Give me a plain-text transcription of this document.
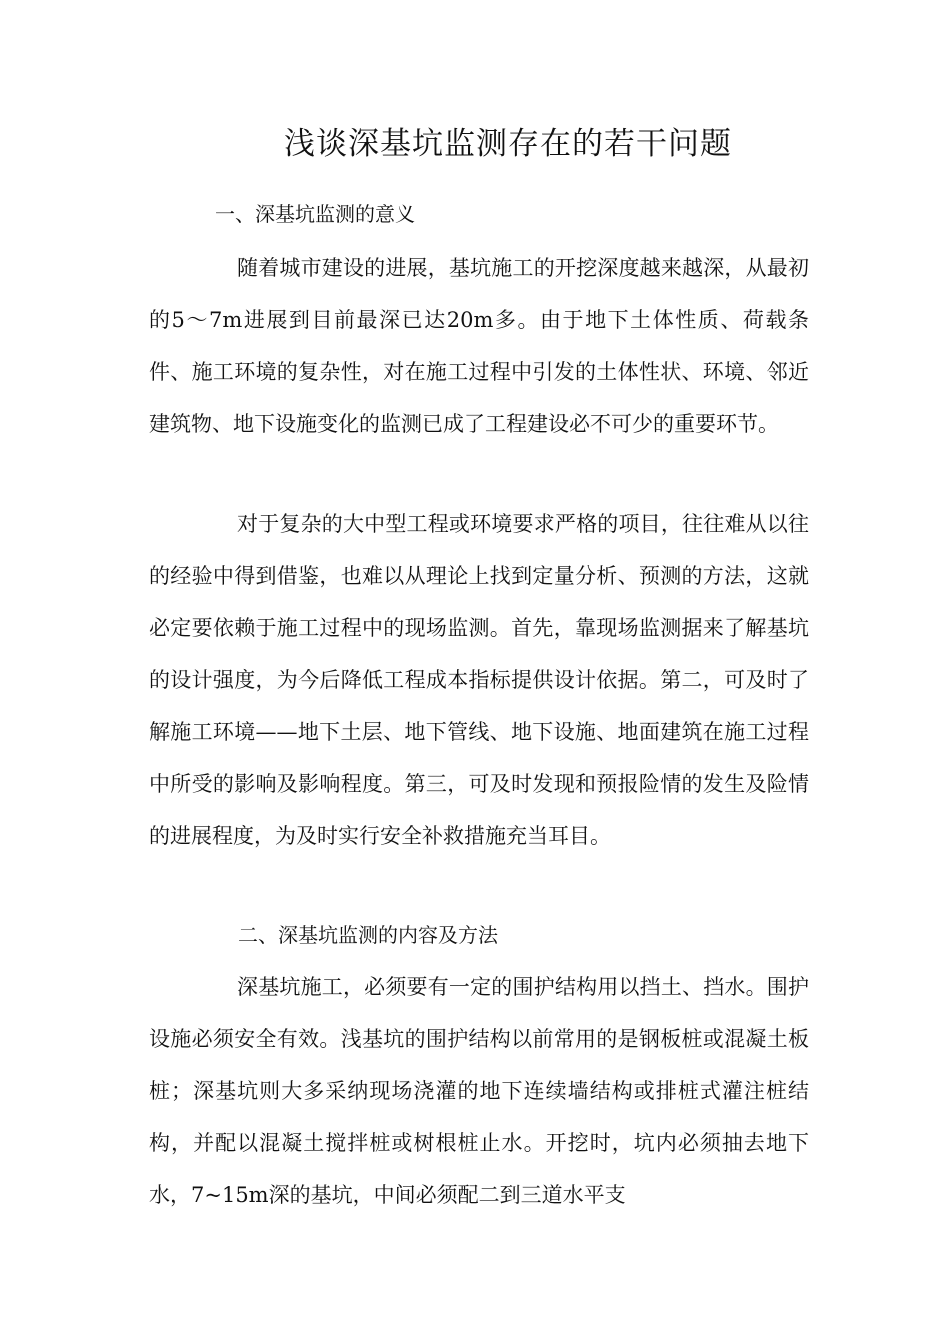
浅谈深基坑监测存在的若干问题
一、深基坑监测的意义

随着城市建设的进展，基坑施工的开挖深度越来越深，从最初的5～7m进展到目前最深已达20m多。由于地下土体性质、荷载条件、施工环境的复杂性，对在施工过程中引发的土体性状、环境、邻近建筑物、地下设施变化的监测已成了工程建设必不可少的重要环节。

对于复杂的大中型工程或环境要求严格的项目，往往难从以往的经验中得到借鉴，也难以从理论上找到定量分析、预测的方法，这就必定要依赖于施工过程中的现场监测。首先，靠现场监测据来了解基坑的设计强度，为今后降低工程成本指标提供设计依据。第二，可及时了解施工环境——地下土层、地下管线、地下设施、地面建筑在施工过程中所受的影响及影响程度。第三，可及时发现和预报险情的发生及险情的进展程度，为及时实行安全补救措施充当耳目。

二、深基坑监测的内容及方法

深基坑施工，必须要有一定的围护结构用以挡土、挡水。围护设施必须安全有效。浅基坑的围护结构以前常用的是钢板桩或混凝土板桩；深基坑则大多采纳现场浇灌的地下连续墙结构或排桩式灌注桩结构，并配以混凝土搅拌桩或树根桩止水。开挖时，坑内必须抽去地下水，7~15m深的基坑，中间必须配二到三道水平支
